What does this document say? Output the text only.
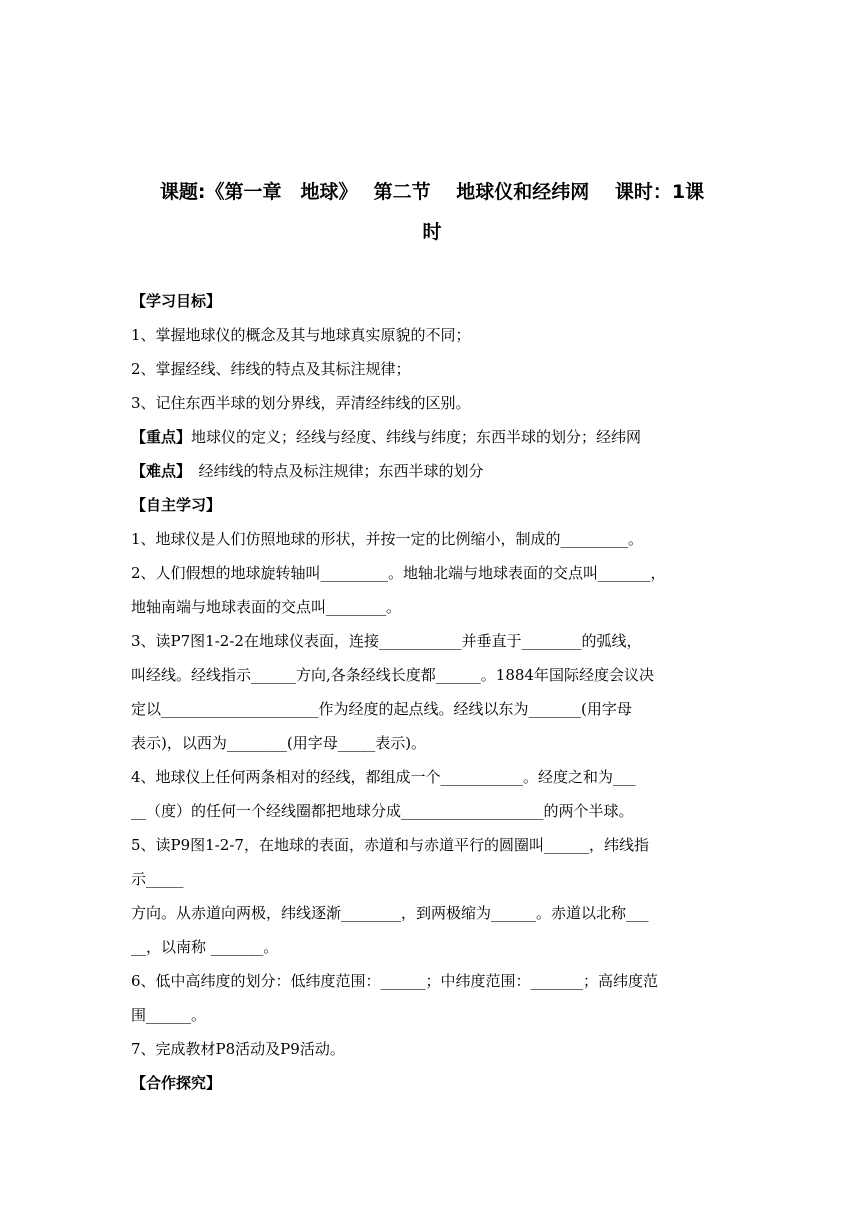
课题:《第一章　地球》　 第二节　 地球仪和经纬网　 课时：1课
时
【学习目标】
1、掌握地球仪的概念及其与地球真实原貌的不同；
2、掌握经线、纬线的特点及其标注规律；
3、记住东西半球的划分界线，弄清经纬线的区别。
【重点】地球仪的定义；经线与经度、纬线与纬度；东西半球的划分；经纬网
【难点】　经纬线的特点及标注规律；东西半球的划分
【自主学习】
1、地球仪是人们仿照地球的形状，并按一定的比例缩小，制成的_________。
2、人们假想的地球旋转轴叫_________。地轴北端与地球表面的交点叫_______，
地轴南端与地球表面的交点叫________。
3、读P7图1-2-2在地球仪表面，连接___________并垂直于________的弧线，
叫经线。经线指示______方向,各条经线长度都______。1884年国际经度会议决
定以_____________________作为经度的起点线。经线以东为_______(用字母
表示)，以西为________(用字母_____表示)。
4、地球仪上任何两条相对的经线，都组成一个___________。经度之和为___
__（度）的任何一个经线圈都把地球分成___________________的两个半球。
5、读P9图1-2-7，在地球的表面，赤道和与赤道平行的圆圈叫______，纬线指
示_____
方向。从赤道向两极，纬线逐渐________，到两极缩为______。赤道以北称___
__，以南称 _______。
6、低中高纬度的划分：低纬度范围：______；中纬度范围：_______；高纬度范
围______。
7、完成教材P8活动及P9活动。
【合作探究】
